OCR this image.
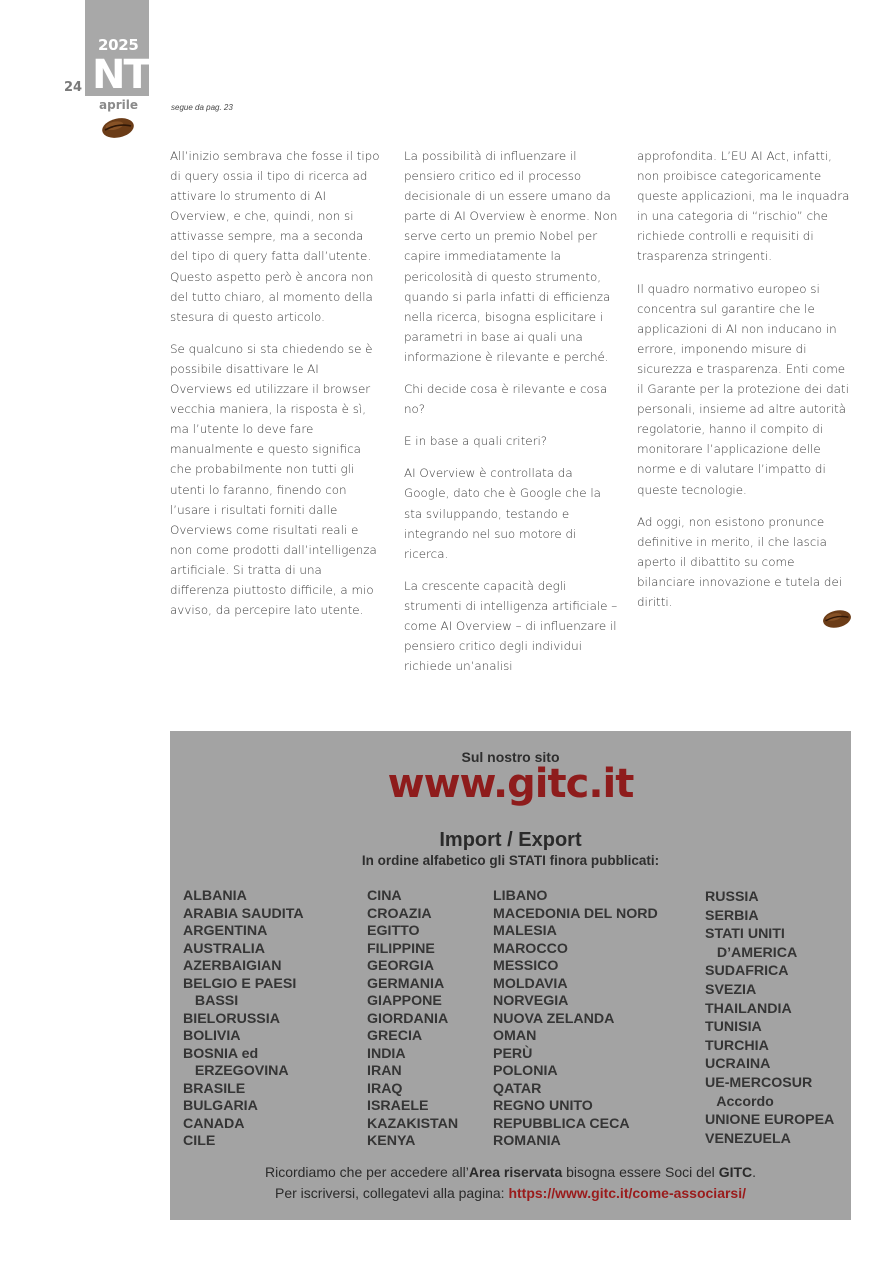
24
2025
NT
aprile	segue da pag. 23

All’inizio sembrava che fosse il tipo di query ossia il tipo di ricerca ad attivare lo strumento di AI Overview, e che, quindi, non si attivasse sempre, ma a seconda del tipo di query fatta dall’utente. Questo aspetto però è ancora non del tutto chiaro, al momento della stesura di questo articolo.

Se qualcuno si sta chiedendo se è possibile disattivare le AI Overviews ed utilizzare il browser vecchia maniera, la risposta è sì, ma l’utente lo deve fare manualmente e questo significa che probabilmente non tutti gli utenti lo faranno, finendo con l’usare i risultati forniti dalle Overviews come risultati reali e non come prodotti dall’intelligenza artificiale. Si tratta di una differenza piuttosto difficile, a mio avviso, da percepire lato utente.

La possibilità di influenzare il pensiero critico ed il processo decisionale di un essere umano da parte di AI Overview è enorme. Non serve certo un premio Nobel per capire immediatamente la pericolosità di questo strumento, quando si parla infatti di efficienza nella ricerca, bisogna esplicitare i parametri in base ai quali una informazione è rilevante e perché.

Chi decide cosa è rilevante e cosa no?

E in base a quali criteri?

AI Overview è controllata da Google, dato che è Google che la sta sviluppando, testando e integrando nel suo motore di ricerca.

La crescente capacità degli strumenti di intelligenza artificiale – come AI Overview – di influenzare il pensiero critico degli individui richiede un’analisi

approfondita. L’EU AI Act, infatti, non proibisce categoricamente queste applicazioni, ma le inquadra in una categoria di “rischio” che richiede controlli e requisiti di trasparenza stringenti.

Il quadro normativo europeo si concentra sul garantire che le applicazioni di AI non inducano in errore, imponendo misure di sicurezza e trasparenza. Enti come il Garante per la protezione dei dati personali, insieme ad altre autorità regolatorie, hanno il compito di monitorare l’applicazione delle norme e di valutare l’impatto di queste tecnologie.

Ad oggi, non esistono pronunce definitive in merito, il che lascia aperto il dibattito su come bilanciare innovazione e tutela dei diritti.

Sul nostro sito
www.gitc.it
Import / Export
In ordine alfabetico gli STATI finora pubblicati:
ALBANIA
ARABIA SAUDITA
ARGENTINA
AUSTRALIA
AZERBAIGIAN
BELGIO E PAESI
BASSI
BIELORUSSIA
BOLIVIA
BOSNIA ed
ERZEGOVINA
BRASILE
BULGARIA
CANADA
CILE
CINA
CROAZIA
EGITTO
FILIPPINE
GEORGIA
GERMANIA
GIAPPONE
GIORDANIA
GRECIA
INDIA
IRAN
IRAQ
ISRAELE
KAZAKISTAN
KENYA
LIBANO
MACEDONIA DEL NORD
MALESIA
MAROCCO
MESSICO
MOLDAVIA
NORVEGIA
NUOVA ZELANDA
OMAN
PERÙ
POLONIA
QATAR
REGNO UNITO
REPUBBLICA CECA
ROMANIA
RUSSIA
SERBIA
STATI UNITI
D’AMERICA
SUDAFRICA
SVEZIA
THAILANDIA
TUNISIA
TURCHIA
UCRAINA
UE-MERCOSUR
Accordo
UNIONE EUROPEA
VENEZUELA
Ricordiamo che per accedere all’Area riservata bisogna essere Soci del GITC.
Per iscriversi, collegatevi alla pagina: https://www.gitc.it/come-associarsi/
